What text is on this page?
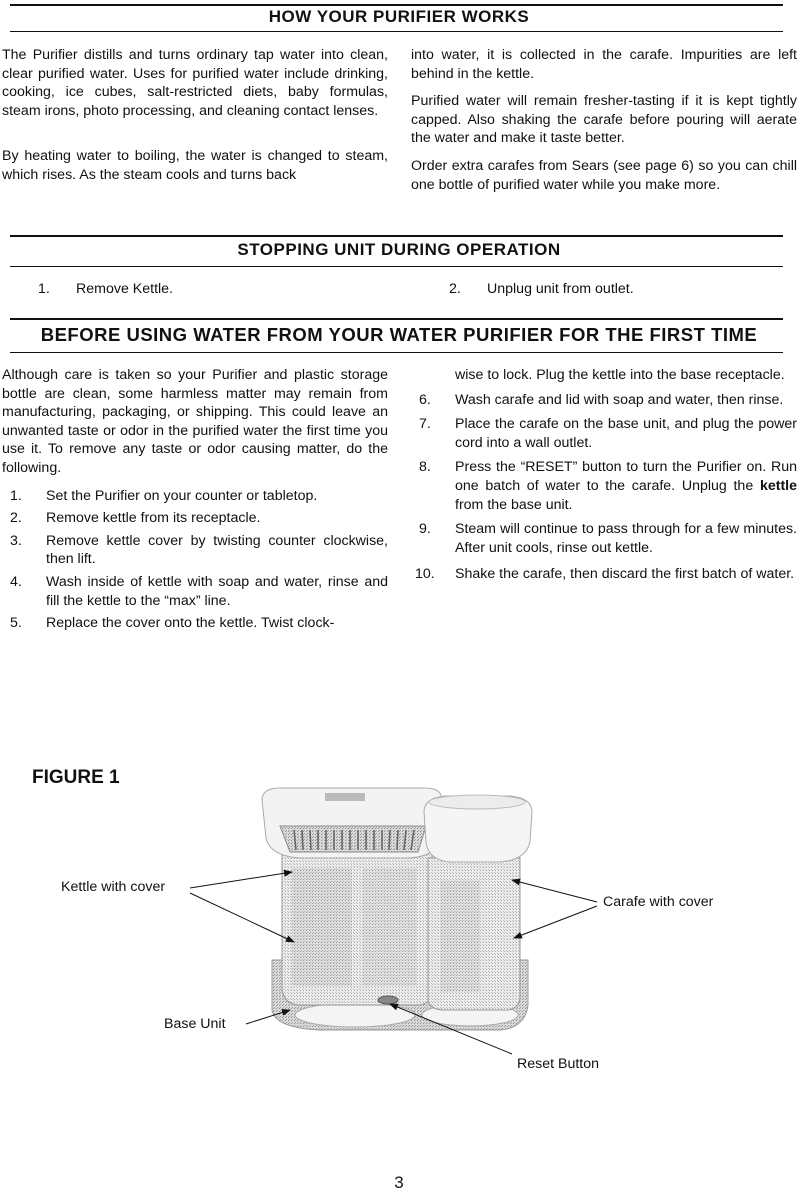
HOW YOUR PURIFIER WORKS

The Purifier distills and turns ordinary tap water into clean, clear purified water. Uses for purified water include drinking, cooking, ice cubes, salt-restricted diets, baby formulas, steam irons, photo processing, and cleaning contact lenses.

By heating water to boiling, the water is changed to steam, which rises. As the steam cools and turns back

into water, it is collected in the carafe. Impurities are left behind in the kettle.

Purified water will remain fresher-tasting if it is kept tightly capped. Also shaking the carafe before pouring will aerate the water and make it taste better.

Order extra carafes from Sears (see page 6) so you can chill one bottle of purified water while you make more.

STOPPING UNIT DURING OPERATION
1. Remove Kettle.	2. Unplug unit from outlet.
BEFORE USING WATER FROM YOUR WATER PURIFIER FOR THE FIRST TIME

Although care is taken so your Purifier and plastic storage bottle are clean, some harmless matter may remain from manufacturing, packaging, or shipping. This could leave an unwanted taste or odor in the purified water the first time you use it. To remove any taste or odor causing matter, do the following.

1. Set the Purifier on your counter or tabletop.
2. Remove kettle from its receptacle.
3. Remove kettle cover by twisting counter clockwise, then lift.
4. Wash inside of kettle with soap and water, rinse and fill the kettle to the “max” line.
5. Replace the cover onto the kettle. Twist clock-
wise to lock. Plug the kettle into the base receptacle.
6. Wash carafe and lid with soap and water, then rinse.
7. Place the carafe on the base unit, and plug the power cord into a wall outlet.
8. Press the “RESET” button to turn the Purifier on. Run one batch of water to the carafe. Unplug the kettle from the base unit.
9. Steam will continue to pass through for a few minutes. After unit cools, rinse out kettle.
10. Shake the carafe, then discard the first batch of water.
FIGURE 1
Kettle with cover
Carafe with cover
Base Unit
Reset Button
3
